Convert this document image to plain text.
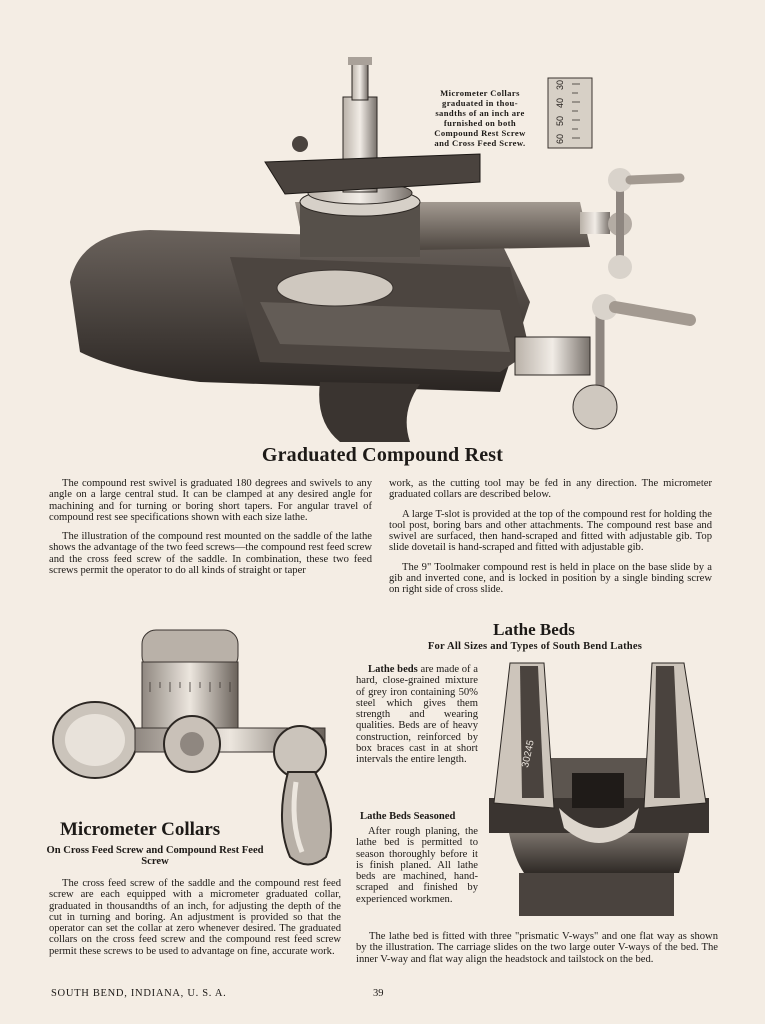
60
50
40
30
Micrometer Collars
graduated in thou-
sandths of an inch are
furnished on both
Compound Rest Screw
and Cross Feed Screw.
Graduated Compound Rest

The compound rest swivel is graduated 180 degrees and swivels to any angle on a large central stud. It can be clamped at any desired angle for machining and for turning or boring short tapers. For angular travel of compound rest see specifications shown with each size lathe.

The illustration of the compound rest mounted on the saddle of the lathe shows the advantage of the two feed screws—the compound rest feed screw and the cross feed screw of the saddle. In combination, these two feed screws permit the operator to do all kinds of straight or taper

work, as the cutting tool may be fed in any direction. The micrometer graduated collars are described below.

A large T-slot is provided at the top of the compound rest for holding the tool post, boring bars and other attachments. The compound rest base and swivel are surfaced, then hand-scraped and fitted with adjustable gib. Top slide dovetail is hand-scraped and fitted with adjustable gib.

The 9" Toolmaker compound rest is held in place on the base slide by a gib and inverted cone, and is locked in position by a single binding screw on right side of cross slide.

Micrometer Collars
On Cross Feed Screw and Compound Rest Feed Screw

The cross feed screw of the saddle and the compound rest feed screw are each equipped with a micrometer graduated collar, graduated in thousandths of an inch, for adjusting the depth of the cut in turning and boring. An adjustment is provided so that the operator can set the collar at zero whenever desired. The graduated collars on the cross feed screw and the compound rest feed screw permit these screws to be used to advantage on fine, accurate work.

Lathe Beds
For All Sizes and Types of South Bend Lathes

Lathe beds are made of a hard, close-grained mixture of grey iron containing 50% steel which gives them strength and wearing qualities. Beds are of heavy construction, reinforced by box braces cast in at short intervals the entire length.

Lathe Beds Seasoned

After rough planing, the lathe bed is permitted to season thoroughly before it is finish planed. All lathe beds are machined, hand-scraped and finished by experienced workmen.

30245

The lathe bed is fitted with three "prismatic V-ways" and one flat way as shown by the illustration. The carriage slides on the two large outer V-ways of the bed. The inner V-way and flat way align the headstock and tailstock on the bed.

SOUTH BEND, INDIANA, U. S. A.	39
